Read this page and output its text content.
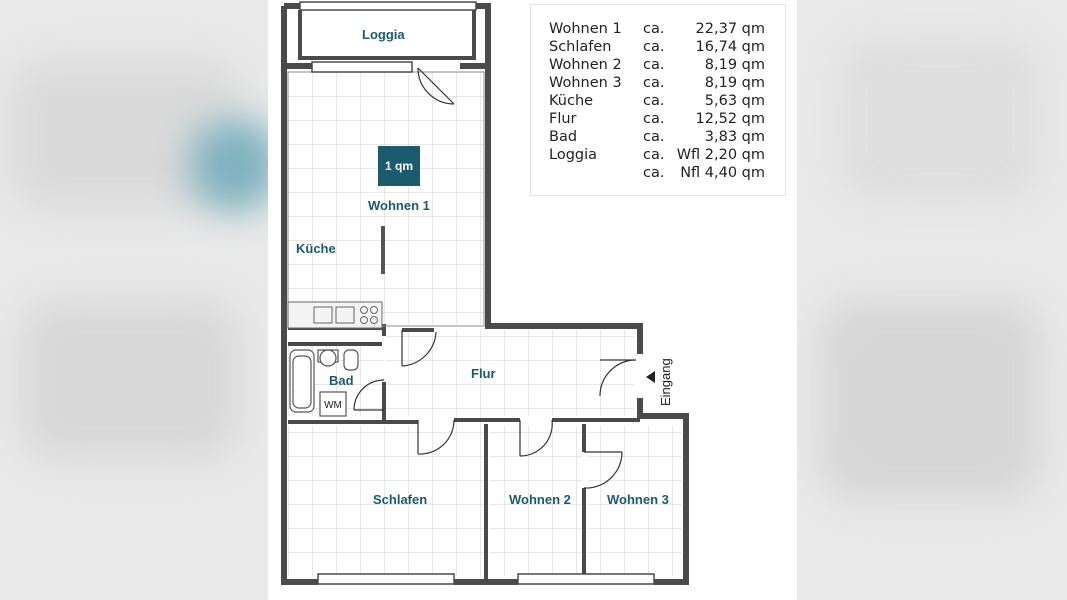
WM
Loggia
Wohnen 1
Küche
Bad	Flur
Schlafen	Wohnen 2	Wohnen 3
1 qm
Eingang
Wohnen 1 ca. 22,37 qm
Schlafen ca. 16,74 qm
Wohnen 2 ca.	8,19 qm
Wohnen 3 ca.	8,19 qm
Küche	ca.	5,63 qm
Flur	ca. 12,52 qm
Bad	ca.	3,83 qm
Loggia	ca. Wfl 2,20 qm
ca. Nfl 4,40 qm
